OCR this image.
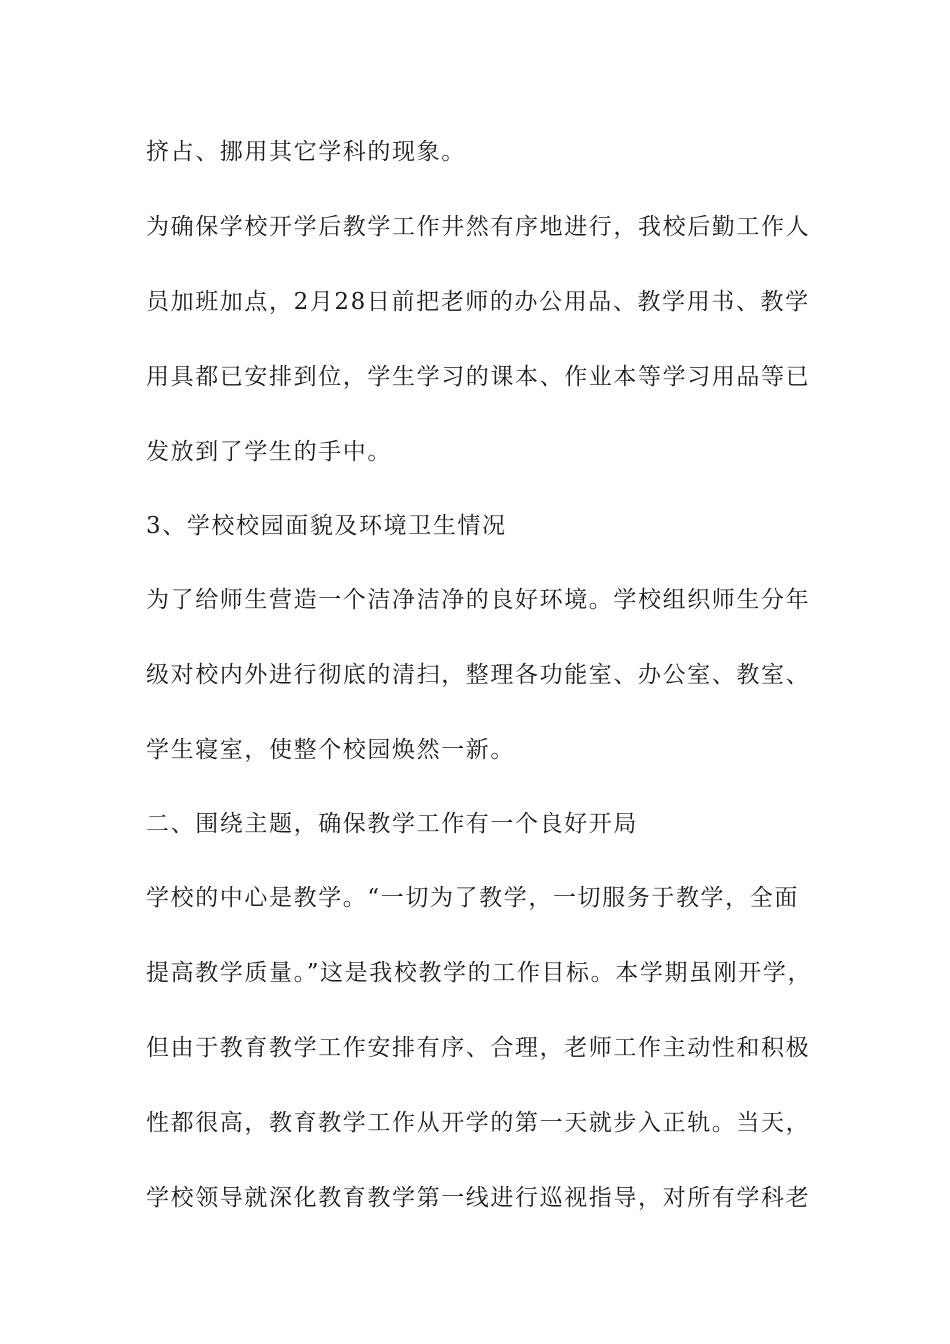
挤占、挪用其它学科的现象。
为确保学校开学后教学工作井然有序地进行，我校后勤工作人
员加班加点，2月28日前把老师的办公用品、教学用书、教学
用具都已安排到位，学生学习的课本、作业本等学习用品等已
发放到了学生的手中。
3、学校校园面貌及环境卫生情况
为了给师生营造一个洁净洁净的良好环境。学校组织师生分年
级对校内外进行彻底的清扫，整理各功能室、办公室、教室、
学生寝室，使整个校园焕然一新。
二、围绕主题，确保教学工作有一个良好开局
学校的中心是教学。“一切为了教学，一切服务于教学，全面
提高教学质量。”这是我校教学的工作目标。本学期虽刚开学，
但由于教育教学工作安排有序、合理，老师工作主动性和积极
性都很高，教育教学工作从开学的第一天就步入正轨。当天，
学校领导就深化教育教学第一线进行巡视指导，对所有学科老
